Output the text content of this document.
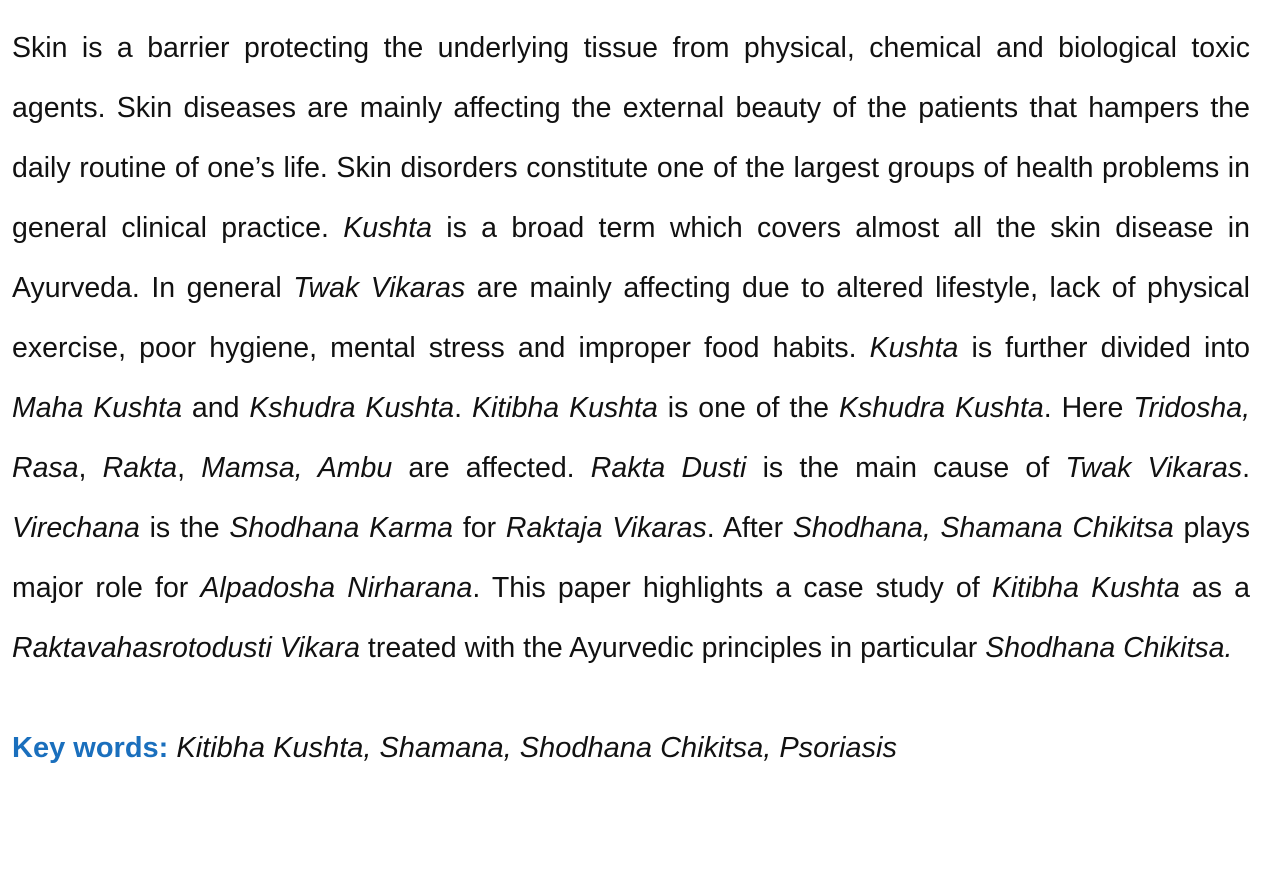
Skin is a barrier protecting the underlying tissue from physical, chemical and biological toxic agents. Skin diseases are mainly affecting the external beauty of the patients that hampers the daily routine of one’s life. Skin disorders constitute one of the largest groups of health problems in general clinical practice. Kushta is a broad term which covers almost all the skin disease in Ayurveda. In general Twak Vikaras are mainly affecting due to altered lifestyle, lack of physical exercise, poor hygiene, mental stress and improper food habits. Kushta is further divided into Maha Kushta and Kshudra Kushta. Kitibha Kushta is one of the Kshudra Kushta. Here Tridosha, Rasa, Rakta, Mamsa, Ambu are affected. Rakta Dusti is the main cause of Twak Vikaras. Virechana is the Shodhana Karma for Raktaja Vikaras. After Shodhana, Shamana Chikitsa plays major role for Alpadosha Nirharana. This paper highlights a case study of Kitibha Kushta as a Raktavahasrotodusti Vikara treated with the Ayurvedic principles in particular Shodhana Chikitsa.

Key words: Kitibha Kushta, Shamana, Shodhana Chikitsa, Psoriasis
